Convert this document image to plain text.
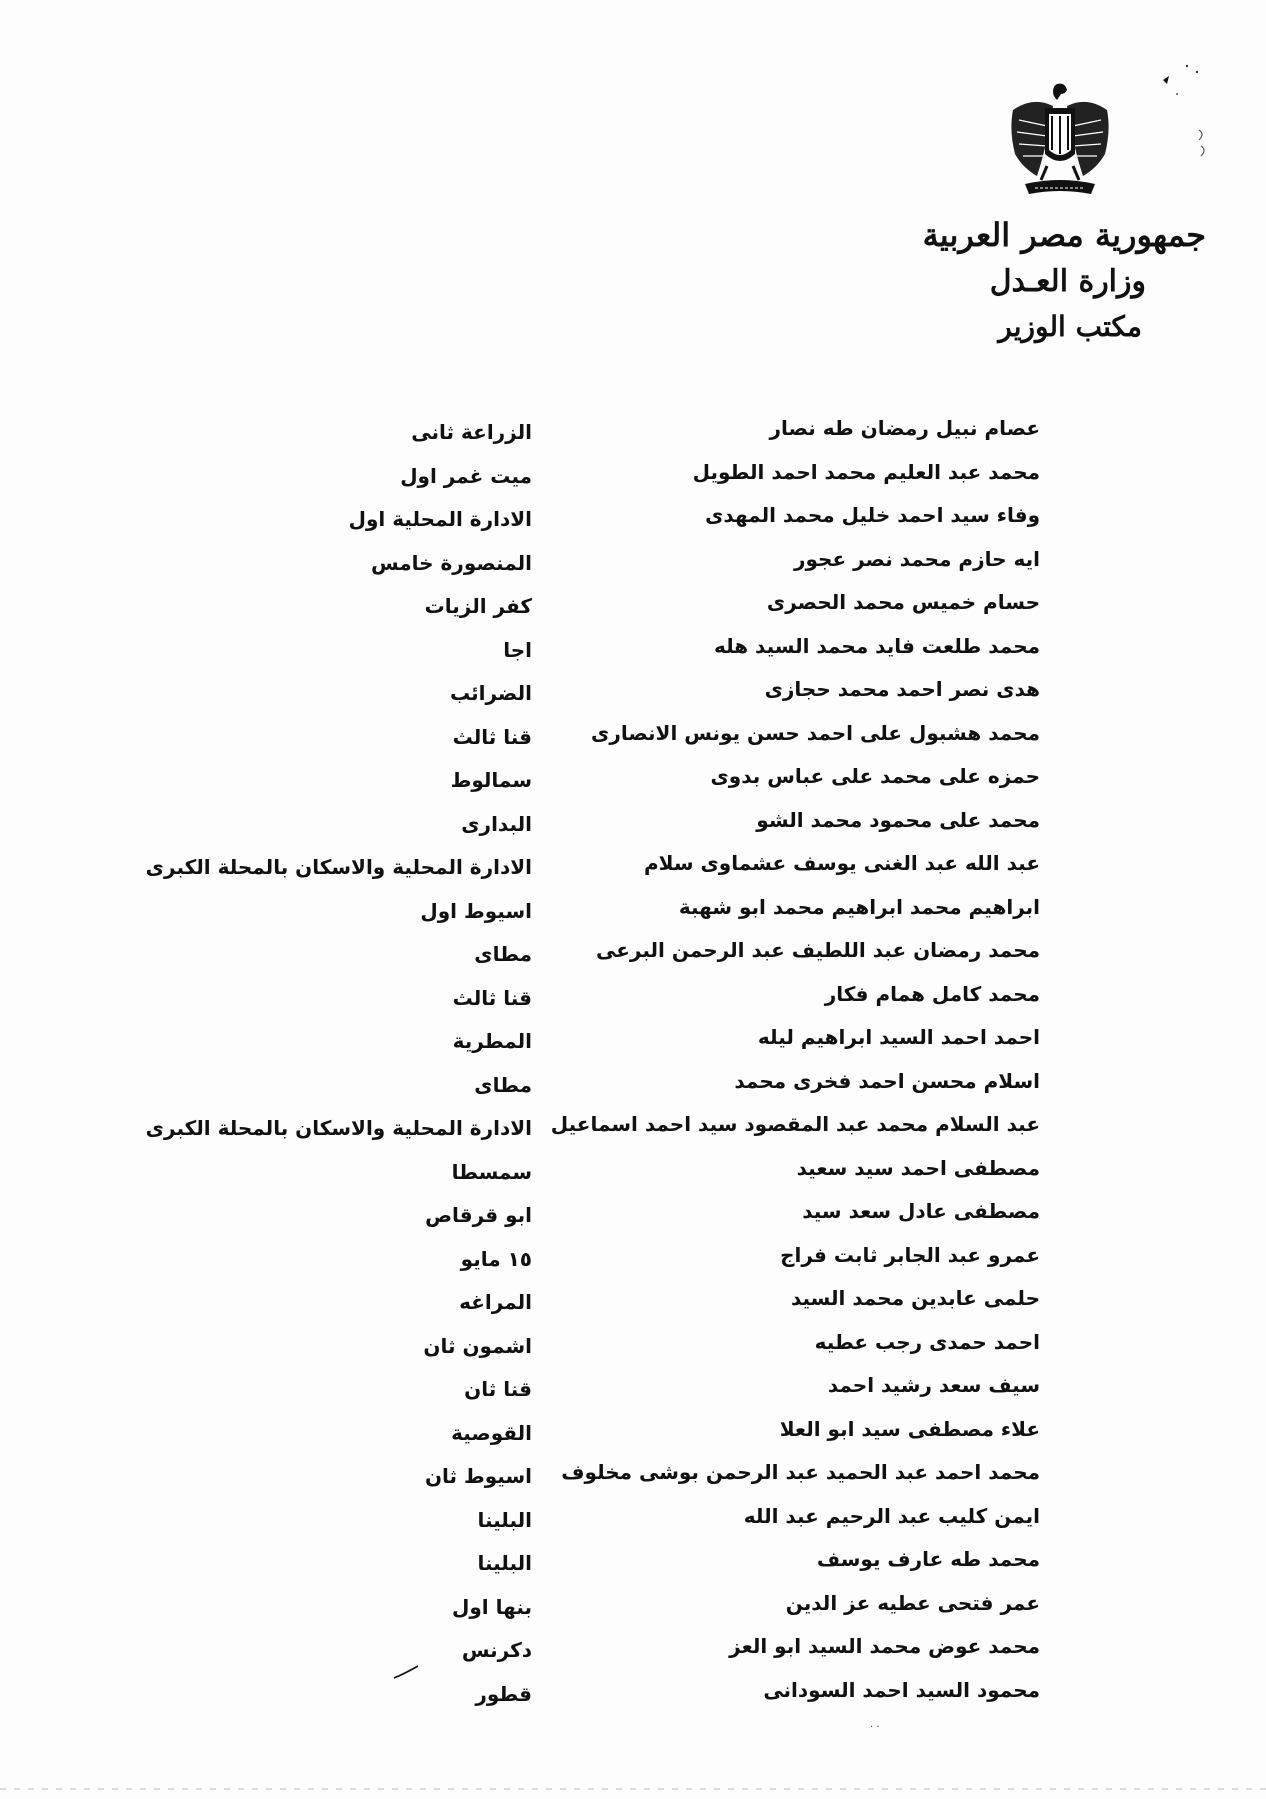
جمهورية مصر العربية

وزارة العـدل

مكتب الوزير

عصام نبيل رمضان طه نصار
الزراعة ثانى
محمد عبد العليم محمد احمد الطويل
ميت غمر اول
وفاء سيد احمد خليل محمد المهدى
الادارة المحلية اول
ايه حازم محمد نصر عجور
المنصورة خامس
حسام خميس محمد الحصرى
كفر الزيات
محمد طلعت فايد محمد السيد هله
اجا
هدى نصر احمد محمد حجازى
الضرائب
محمد هشبول على احمد حسن يونس الانصارى
قنا ثالث
حمزه على محمد على عباس بدوى
سمالوط
محمد على محمود محمد الشو
البدارى
عبد الله عبد الغنى يوسف عشماوى سلام
الادارة المحلية والاسكان بالمحلة الكبرى
ابراهيم محمد ابراهيم محمد ابو شهبة
اسيوط اول
محمد رمضان عبد اللطيف عبد الرحمن البرعى
مطاى
محمد كامل همام فكار
قنا ثالث
احمد احمد السيد ابراهيم ليله
المطرية
اسلام محسن احمد فخرى محمد
مطاى
عبد السلام محمد عبد المقصود سيد احمد اسماعيل
الادارة المحلية والاسكان بالمحلة الكبرى
مصطفى احمد سيد سعيد
سمسطا
مصطفى عادل سعد سيد
ابو قرقاص
عمرو عبد الجابر ثابت فراج
١٥ مايو
حلمى عابدين محمد السيد
المراغه
احمد حمدى رجب عطيه
اشمون ثان
سيف سعد رشيد احمد
قنا ثان
علاء مصطفى سيد ابو العلا
القوصية
محمد احمد عبد الحميد عبد الرحمن بوشى مخلوف
اسيوط ثان
ايمن كليب عبد الرحيم عبد الله
البلينا
محمد طه عارف يوسف
البلينا
عمر فتحى عطيه عز الدين
بنها اول
محمد عوض محمد السيد ابو العز
دكرنس
محمود السيد احمد السودانى
قطور
· ·
